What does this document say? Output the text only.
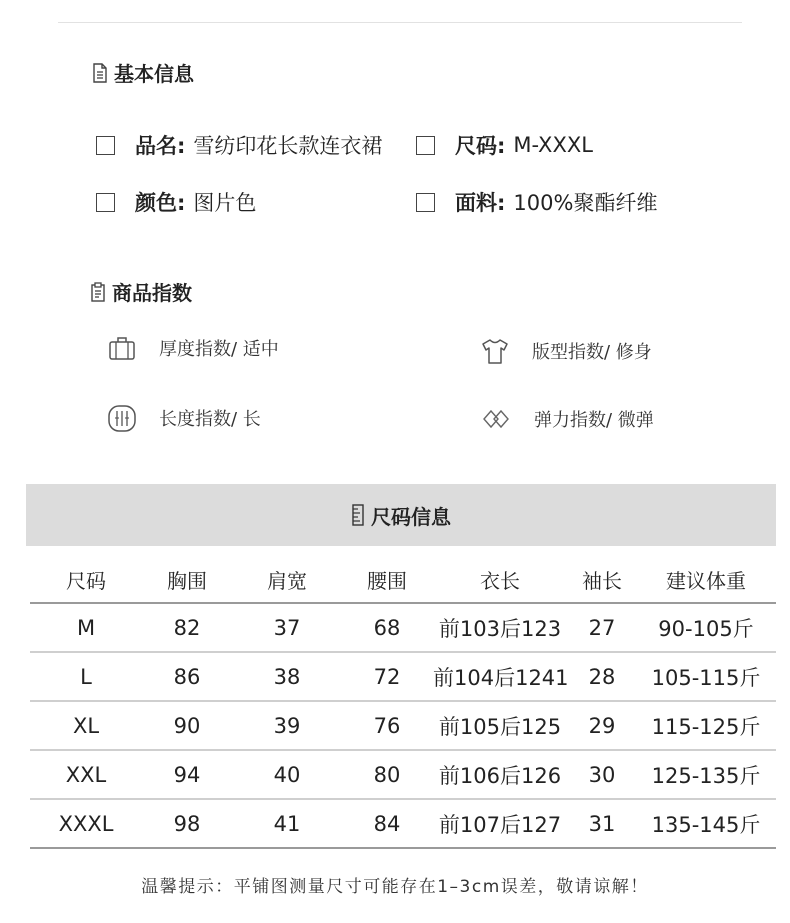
基本信息
品名: 雪纺印花长款连衣裙	尺码: M-XXXL
颜色: 图片色	面料: 100%聚酯纤维
商品指数
厚度指数/ 适中	版型指数/ 修身
长度指数/ 长	弹力指数/ 微弹
尺码信息
尺码	胸围	肩宽	腰围	衣长	袖长	建议体重
M	82	37	68	前103后123	27	90-105斤
L	86	38	72	前104后1241	28	105-115斤
XL	90	39	76	前105后125	29	115-125斤
XXL	94	40	80	前106后126	30	125-135斤
XXXL	98	41	84	前107后127	31	135-145斤
温馨提示：平铺图测量尺寸可能存在1–3cm误差，敬请谅解！
